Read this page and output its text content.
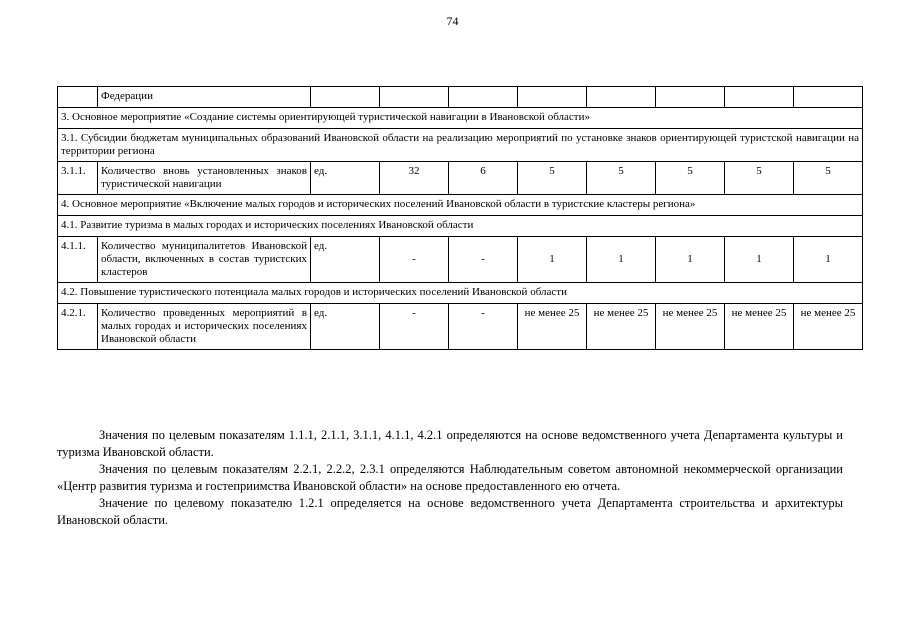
74
	Федерации								
3. Основное мероприятие «Создание системы ориентирующей туристической навигации в Ивановской области»									
3.1. Субсидии бюджетам муниципальных образований Ивановской области на реализацию мероприятий по установке знаков ориентирующей туристской навигации на территории региона									
3.1.1.	Количество вновь установленных знаков туристической навигации	ед.	32	6	5	5	5	5	5
4. Основное мероприятие «Включение малых городов и исторических поселений Ивановской области в туристские кластеры региона»									
4.1. Развитие туризма в малых городах и исторических поселениях Ивановской области									
4.1.1.	Количество муниципалитетов Ивановской области, включенных в состав туристских кластеров	ед.	-	-	1	1	1	1	1
4.2. Повышение туристического потенциала малых городов и исторических поселений Ивановской области									
4.2.1.	Количество проведенных мероприятий в малых городах и исторических поселениях Ивановской области	ед.	-	-	не менее 25	не менее 25	не менее 25	не менее 25	не менее 25

Значения по целевым показателям 1.1.1, 2.1.1, 3.1.1, 4.1.1, 4.2.1 определяются на основе ведомственного учета Департамента культуры и туризма Ивановской области.

Значения по целевым показателям 2.2.1, 2.2.2, 2.3.1 определяются Наблюдательным советом автономной некоммерческой организации «Центр развития туризма и гостеприимства Ивановской области» на основе предоставленного ею отчета.

Значение по целевому показателю 1.2.1 определяется на основе ведомственного учета Департамента строительства и архитектуры Ивановской области.
